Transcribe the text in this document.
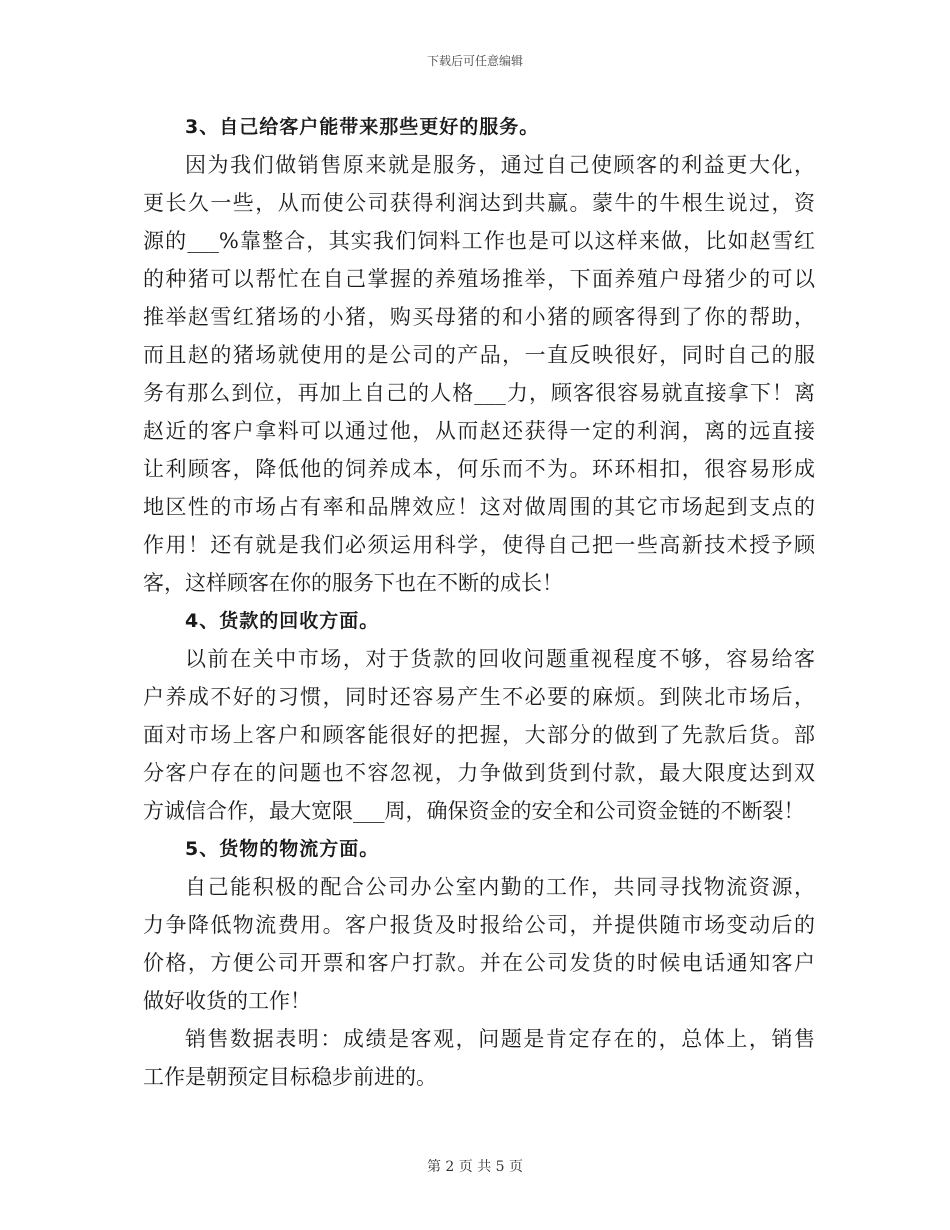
下载后可任意编辑
3、自己给客户能带来那些更好的服务。
因为我们做销售原来就是服务，通过自己使顾客的利益更大化，
更长久一些，从而使公司获得利润达到共赢。蒙牛的牛根生说过，资
源的___%靠整合，其实我们饲料工作也是可以这样来做，比如赵雪红
的种猪可以帮忙在自己掌握的养殖场推举，下面养殖户母猪少的可以
推举赵雪红猪场的小猪，购买母猪的和小猪的顾客得到了你的帮助，
而且赵的猪场就使用的是公司的产品，一直反映很好，同时自己的服
务有那么到位，再加上自己的人格___力，顾客很容易就直接拿下！离
赵近的客户拿料可以通过他，从而赵还获得一定的利润，离的远直接
让利顾客，降低他的饲养成本，何乐而不为。环环相扣，很容易形成
地区性的市场占有率和品牌效应！这对做周围的其它市场起到支点的
作用！还有就是我们必须运用科学，使得自己把一些高新技术授予顾
客，这样顾客在你的服务下也在不断的成长！
4、货款的回收方面。
以前在关中市场，对于货款的回收问题重视程度不够，容易给客
户养成不好的习惯，同时还容易产生不必要的麻烦。到陕北市场后，
面对市场上客户和顾客能很好的把握，大部分的做到了先款后货。部
分客户存在的问题也不容忽视，力争做到货到付款，最大限度达到双
方诚信合作，最大宽限___周，确保资金的安全和公司资金链的不断裂！
5、货物的物流方面。
自己能积极的配合公司办公室内勤的工作，共同寻找物流资源，
力争降低物流费用。客户报货及时报给公司，并提供随市场变动后的
价格，方便公司开票和客户打款。并在公司发货的时候电话通知客户
做好收货的工作！
销售数据表明：成绩是客观，问题是肯定存在的，总体上，销售
工作是朝预定目标稳步前进的。
第 2 页 共 5 页
